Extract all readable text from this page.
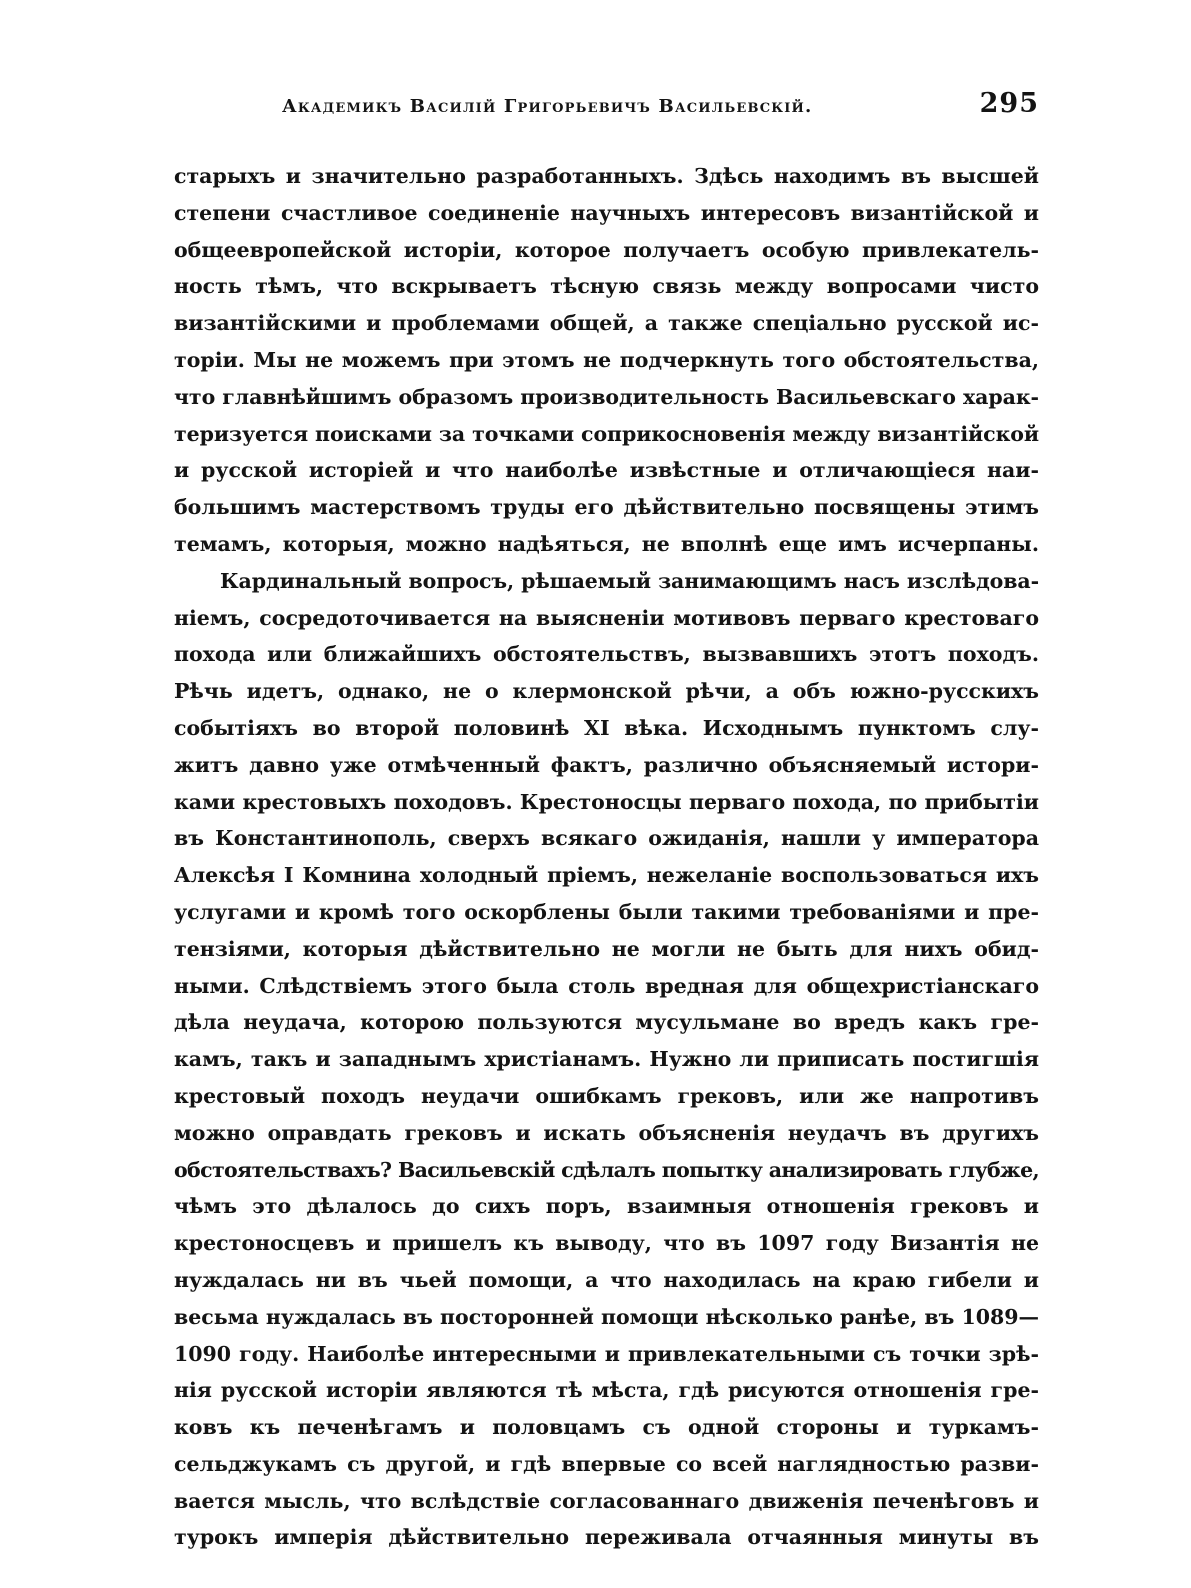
Академикъ Василій Григорьевичъ Васильевскій.	295
старыхъ и значительно разработанныхъ. Здѣсь находимъ въ высшей
степени счастливое соединеніе научныхъ интересовъ византійской и
общеевропейской исторіи, которое получаетъ особую привлекатель-
ность тѣмъ, что вскрываетъ тѣсную связь между вопросами чисто
византійскими и проблемами общей, а также спеціально русской ис-
торіи. Мы не можемъ при этомъ не подчеркнуть того обстоятельства,
что главнѣйшимъ образомъ производительность Васильевскаго харак-
теризуется поисками за точками соприкосновенія между византійской
и русской исторіей и что наиболѣе извѣстные и отличающіеся наи-
большимъ мастерствомъ труды его дѣйствительно посвящены этимъ
темамъ, которыя, можно надѣяться, не вполнѣ еще имъ исчерпаны.
Кардинальный вопросъ, рѣшаемый занимающимъ насъ изслѣдова-
ніемъ, сосредоточивается на выясненіи мотивовъ перваго крестоваго
похода или ближайшихъ обстоятельствъ, вызвавшихъ этотъ походъ.
Рѣчь идетъ, однако, не о клермонской рѣчи, а объ южно-русскихъ
событіяхъ во второй половинѣ XI вѣка. Исходнымъ пунктомъ слу-
житъ давно уже отмѣченный фактъ, различно объясняемый истори-
ками крестовыхъ походовъ. Крестоносцы перваго похода, по прибытіи
въ Константинополь, сверхъ всякаго ожиданія, нашли у императора
Алексѣя I Комнина холодный пріемъ, нежеланіе воспользоваться ихъ
услугами и кромѣ того оскорблены были такими требованіями и пре-
тензіями, которыя дѣйствительно не могли не быть для нихъ обид-
ными. Слѣдствіемъ этого была столь вредная для общехристіанскаго
дѣла неудача, которою пользуются мусульмане во вредъ какъ гре-
камъ, такъ и западнымъ христіанамъ. Нужно ли приписать постигшія
крестовый походъ неудачи ошибкамъ грековъ, или же напротивъ
можно оправдать грековъ и искать объясненія неудачъ въ другихъ
обстоятельствахъ? Васильевскій сдѣлалъ попытку анализировать глубже,
чѣмъ это дѣлалось до сихъ поръ, взаимныя отношенія грековъ и
крестоносцевъ и пришелъ къ выводу, что въ 1097 году Византія не
нуждалась ни въ чьей помощи, а что находилась на краю гибели и
весьма нуждалась въ посторонней помощи нѣсколько ранѣе, въ 1089—
1090 году. Наиболѣе интересными и привлекательными съ точки зрѣ-
нія русской исторіи являются тѣ мѣста, гдѣ рисуются отношенія гре-
ковъ къ печенѣгамъ и половцамъ съ одной стороны и туркамъ-
сельджукамъ съ другой, и гдѣ впервые со всей наглядностью разви-
вается мысль, что вслѣдствіе согласованнаго движенія печенѣговъ и
турокъ имперія дѣйствительно переживала отчаянныя минуты въ
